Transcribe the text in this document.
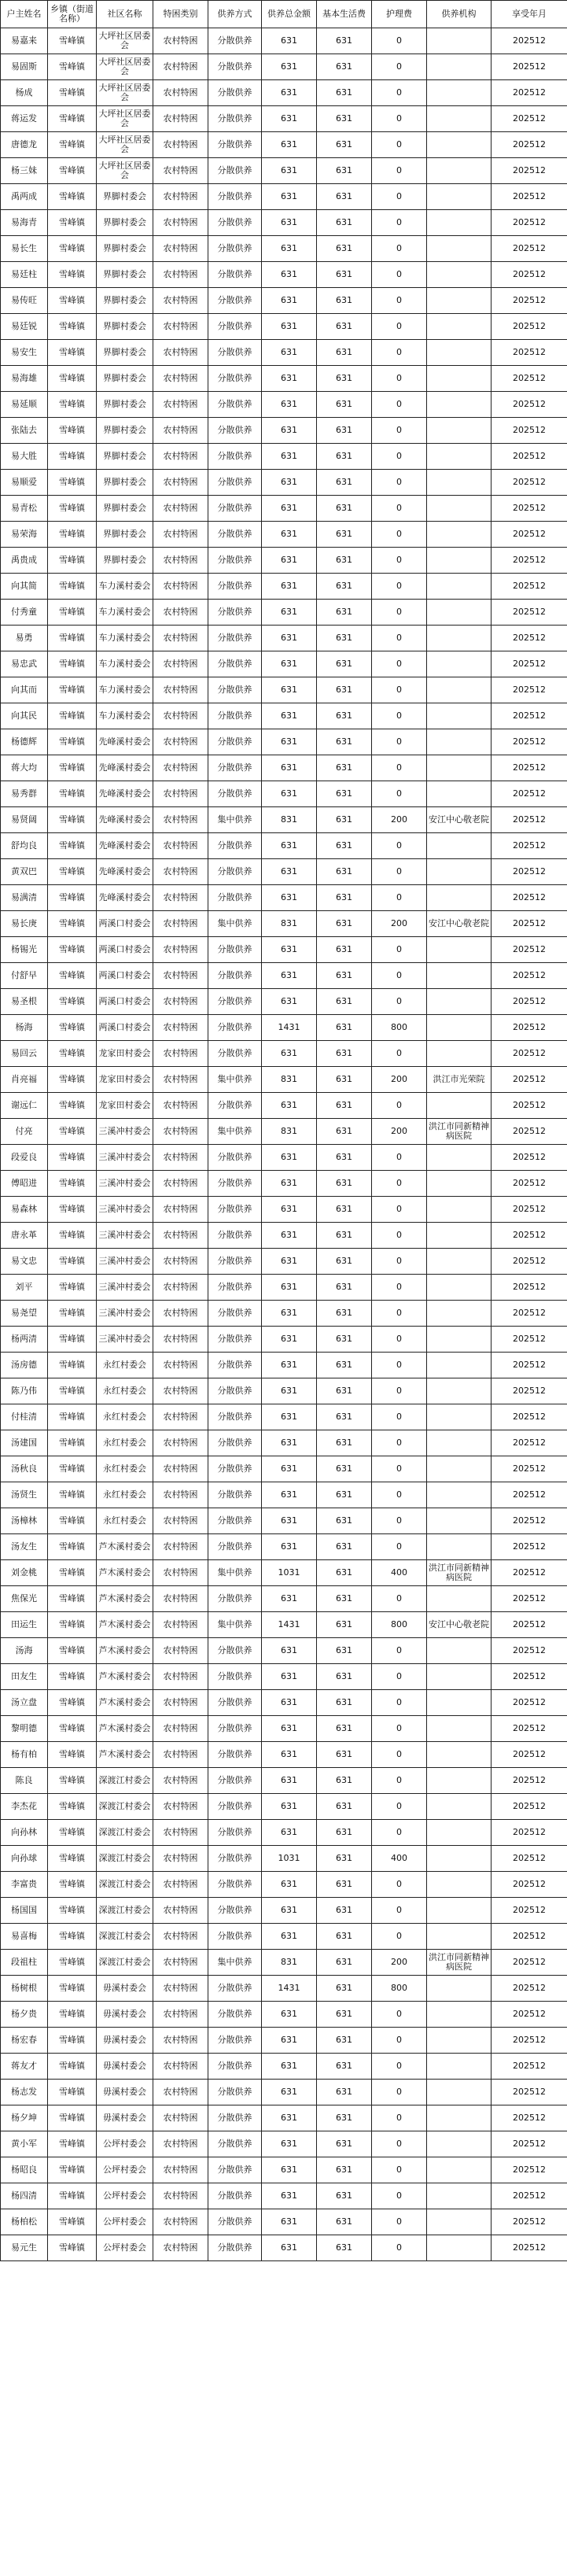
户主姓名	乡镇（街道名称）	社区名称	特困类别	供养方式	供养总金额	基本生活费	护理费	供养机构	享受年月
易嘉来	雪峰镇	大坪社区居委会	农村特困	分散供养	631	631	0		202512
易固斯	雪峰镇	大坪社区居委会	农村特困	分散供养	631	631	0		202512
杨成	雪峰镇	大坪社区居委会	农村特困	分散供养	631	631	0		202512
蒋运发	雪峰镇	大坪社区居委会	农村特困	分散供养	631	631	0		202512
唐德龙	雪峰镇	大坪社区居委会	农村特困	分散供养	631	631	0		202512
杨三妹	雪峰镇	大坪社区居委会	农村特困	分散供养	631	631	0		202512
禹两成	雪峰镇	界脚村委会	农村特困	分散供养	631	631	0		202512
易海青	雪峰镇	界脚村委会	农村特困	分散供养	631	631	0		202512
易长生	雪峰镇	界脚村委会	农村特困	分散供养	631	631	0		202512
易廷柱	雪峰镇	界脚村委会	农村特困	分散供养	631	631	0		202512
易传旺	雪峰镇	界脚村委会	农村特困	分散供养	631	631	0		202512
易廷锐	雪峰镇	界脚村委会	农村特困	分散供养	631	631	0		202512
易安生	雪峰镇	界脚村委会	农村特困	分散供养	631	631	0		202512
易海雄	雪峰镇	界脚村委会	农村特困	分散供养	631	631	0		202512
易延顺	雪峰镇	界脚村委会	农村特困	分散供养	631	631	0		202512
张陆去	雪峰镇	界脚村委会	农村特困	分散供养	631	631	0		202512
易大胜	雪峰镇	界脚村委会	农村特困	分散供养	631	631	0		202512
易顺爱	雪峰镇	界脚村委会	农村特困	分散供养	631	631	0		202512
易青松	雪峰镇	界脚村委会	农村特困	分散供养	631	631	0		202512
易荣海	雪峰镇	界脚村委会	农村特困	分散供养	631	631	0		202512
禹贵成	雪峰镇	界脚村委会	农村特困	分散供养	631	631	0		202512
向其简	雪峰镇	车力溪村委会	农村特困	分散供养	631	631	0		202512
付秀童	雪峰镇	车力溪村委会	农村特困	分散供养	631	631	0		202512
易勇	雪峰镇	车力溪村委会	农村特困	分散供养	631	631	0		202512
易忠武	雪峰镇	车力溪村委会	农村特困	分散供养	631	631	0		202512
向其而	雪峰镇	车力溪村委会	农村特困	分散供养	631	631	0		202512
向其民	雪峰镇	车力溪村委会	农村特困	分散供养	631	631	0		202512
杨德辉	雪峰镇	先峰溪村委会	农村特困	分散供养	631	631	0		202512
蒋大均	雪峰镇	先峰溪村委会	农村特困	分散供养	631	631	0		202512
易秀群	雪峰镇	先峰溪村委会	农村特困	分散供养	631	631	0		202512
易贤阔	雪峰镇	先峰溪村委会	农村特困	集中供养	831	631	200	安江中心敬老院	202512
舒均良	雪峰镇	先峰溪村委会	农村特困	分散供养	631	631	0		202512
黄双巴	雪峰镇	先峰溪村委会	农村特困	分散供养	631	631	0		202512
易满清	雪峰镇	先峰溪村委会	农村特困	分散供养	631	631	0		202512
易长庚	雪峰镇	两溪口村委会	农村特困	集中供养	831	631	200	安江中心敬老院	202512
杨锡光	雪峰镇	两溪口村委会	农村特困	分散供养	631	631	0		202512
付舒早	雪峰镇	两溪口村委会	农村特困	分散供养	631	631	0		202512
易圣根	雪峰镇	两溪口村委会	农村特困	分散供养	631	631	0		202512
杨海	雪峰镇	两溪口村委会	农村特困	分散供养	1431	631	800		202512
易回云	雪峰镇	龙家田村委会	农村特困	分散供养	631	631	0		202512
肖亮福	雪峰镇	龙家田村委会	农村特困	集中供养	831	631	200	洪江市光荣院	202512
谢远仁	雪峰镇	龙家田村委会	农村特困	分散供养	631	631	0		202512
付亮	雪峰镇	三溪冲村委会	农村特困	集中供养	831	631	200	洪江市同新精神病医院	202512
段爱良	雪峰镇	三溪冲村委会	农村特困	分散供养	631	631	0		202512
傅昭进	雪峰镇	三溪冲村委会	农村特困	分散供养	631	631	0		202512
易森林	雪峰镇	三溪冲村委会	农村特困	分散供养	631	631	0		202512
唐永革	雪峰镇	三溪冲村委会	农村特困	分散供养	631	631	0		202512
易文忠	雪峰镇	三溪冲村委会	农村特困	分散供养	631	631	0		202512
刘平	雪峰镇	三溪冲村委会	农村特困	分散供养	631	631	0		202512
易尧望	雪峰镇	三溪冲村委会	农村特困	分散供养	631	631	0		202512
杨两清	雪峰镇	三溪冲村委会	农村特困	分散供养	631	631	0		202512
汤房德	雪峰镇	永红村委会	农村特困	分散供养	631	631	0		202512
陈乃伟	雪峰镇	永红村委会	农村特困	分散供养	631	631	0		202512
付桂清	雪峰镇	永红村委会	农村特困	分散供养	631	631	0		202512
汤建国	雪峰镇	永红村委会	农村特困	分散供养	631	631	0		202512
汤秋良	雪峰镇	永红村委会	农村特困	分散供养	631	631	0		202512
汤贤生	雪峰镇	永红村委会	农村特困	分散供养	631	631	0		202512
汤樟林	雪峰镇	永红村委会	农村特困	分散供养	631	631	0		202512
汤友生	雪峰镇	芦木溪村委会	农村特困	分散供养	631	631	0		202512
刘金桃	雪峰镇	芦木溪村委会	农村特困	集中供养	1031	631	400	洪江市同新精神病医院	202512
焦保光	雪峰镇	芦木溪村委会	农村特困	分散供养	631	631	0		202512
田运生	雪峰镇	芦木溪村委会	农村特困	集中供养	1431	631	800	安江中心敬老院	202512
汤海	雪峰镇	芦木溪村委会	农村特困	分散供养	631	631	0		202512
田友生	雪峰镇	芦木溪村委会	农村特困	分散供养	631	631	0		202512
汤立盘	雪峰镇	芦木溪村委会	农村特困	分散供养	631	631	0		202512
黎明德	雪峰镇	芦木溪村委会	农村特困	分散供养	631	631	0		202512
杨有柏	雪峰镇	芦木溪村委会	农村特困	分散供养	631	631	0		202512
陈良	雪峰镇	深渡江村委会	农村特困	分散供养	631	631	0		202512
李杰花	雪峰镇	深渡江村委会	农村特困	分散供养	631	631	0		202512
向孙林	雪峰镇	深渡江村委会	农村特困	分散供养	631	631	0		202512
向孙球	雪峰镇	深渡江村委会	农村特困	分散供养	1031	631	400		202512
李富贵	雪峰镇	深渡江村委会	农村特困	分散供养	631	631	0		202512
杨国国	雪峰镇	深渡江村委会	农村特困	分散供养	631	631	0		202512
易喜梅	雪峰镇	深渡江村委会	农村特困	分散供养	631	631	0		202512
段祖柱	雪峰镇	深渡江村委会	农村特困	集中供养	831	631	200	洪江市同新精神病医院	202512
杨树根	雪峰镇	毋溪村委会	农村特困	分散供养	1431	631	800		202512
杨夕贵	雪峰镇	毋溪村委会	农村特困	分散供养	631	631	0		202512
杨宏春	雪峰镇	毋溪村委会	农村特困	分散供养	631	631	0		202512
蒋友才	雪峰镇	毋溪村委会	农村特困	分散供养	631	631	0		202512
杨志发	雪峰镇	毋溪村委会	农村特困	分散供养	631	631	0		202512
杨夕坤	雪峰镇	毋溪村委会	农村特困	分散供养	631	631	0		202512
黄小军	雪峰镇	公坪村委会	农村特困	分散供养	631	631	0		202512
杨昭良	雪峰镇	公坪村委会	农村特困	分散供养	631	631	0		202512
杨四清	雪峰镇	公坪村委会	农村特困	分散供养	631	631	0		202512
杨柏松	雪峰镇	公坪村委会	农村特困	分散供养	631	631	0		202512
易元生	雪峰镇	公坪村委会	农村特困	分散供养	631	631	0		202512
